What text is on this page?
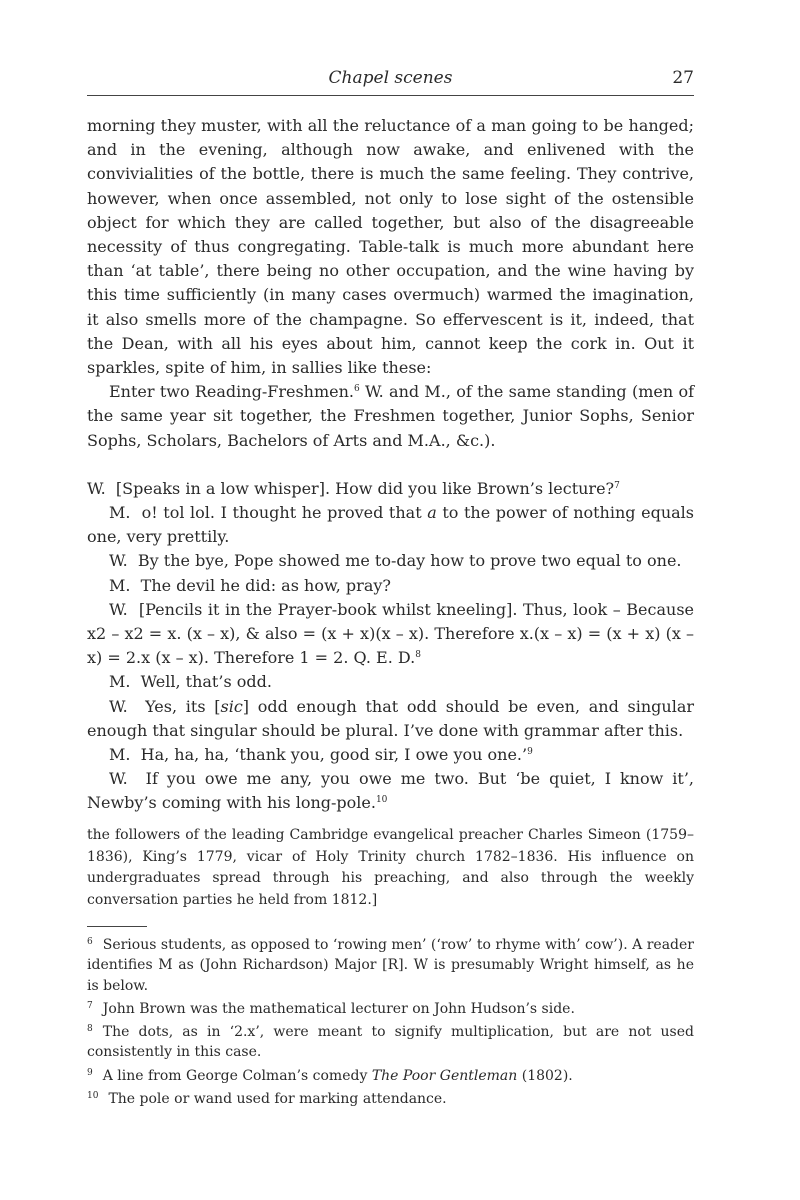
Chapel scenes	27

morning they muster, with all the reluctance of a man going to be hanged; and in the evening, although now awake, and enlivened with the convivialities of the bottle, there is much the same feeling. They contrive, however, when once assembled, not only to lose sight of the ostensible object for which they are called together, but also of the disagreeable necessity of thus congregating. Table-talk is much more abundant here than ‘at table’, there being no other occupation, and the wine having by this time sufficiently (in many cases overmuch) warmed the imagination, it also smells more of the champagne. So effervescent is it, indeed, that the Dean, with all his eyes about him, cannot keep the cork in. Out it sparkles, spite of him, in sallies like these:

Enter two Reading-Freshmen.$^6$ W. and M., of the same standing (men of the same year sit together, the Freshmen together, Junior Sophs, Senior Sophs, Scholars, Bachelors of Arts and M.A., &c.).

W.  [Speaks in a low whisper]. How did you like Brown’s lecture?$^7$

M.  o! tol lol. I thought he proved that a to the power of nothing equals one, very prettily.

W.  By the bye, Pope showed me to-day how to prove two equal to one.

M.  The devil he did: as how, pray?

W.  [Pencils it in the Prayer-book whilst kneeling]. Thus, look – Because x2 – x2 = x. (x – x), & also = (x + x)(x – x). Therefore x.(x – x) = (x + x) (x – x) = 2.x (x – x). Therefore 1 = 2. Q. E. D.$^8$

M.  Well, that’s odd.

W.  Yes, its [sic] odd enough that odd should be even, and singular enough that singular should be plural. I’ve done with grammar after this.

M.  Ha, ha, ha, ‘thank you, good sir, I owe you one.’$^9$

W.  If you owe me any, you owe me two. But ‘be quiet, I know it’, Newby’s coming with his long-pole.$^{10}$

the followers of the leading Cambridge evangelical preacher Charles Simeon (1759–1836), King’s 1779, vicar of Holy Trinity church 1782–1836. His influence on undergraduates spread through his preaching, and also through the weekly conversation parties he held from 1812.]

$^6$ Serious students, as opposed to ‘rowing men’ (‘row’ to rhyme with’ cow’). A reader identifies M as (John Richardson) Major [R]. W is presumably Wright himself, as he is below.

$^7$ John Brown was the mathematical lecturer on John Hudson’s side.

$^8$ The dots, as in ‘2.x’, were meant to signify multiplication, but are not used consistently in this case.

$^9$ A line from George Colman’s comedy The Poor Gentleman (1802).

$^{10}$ The pole or wand used for marking attendance.
